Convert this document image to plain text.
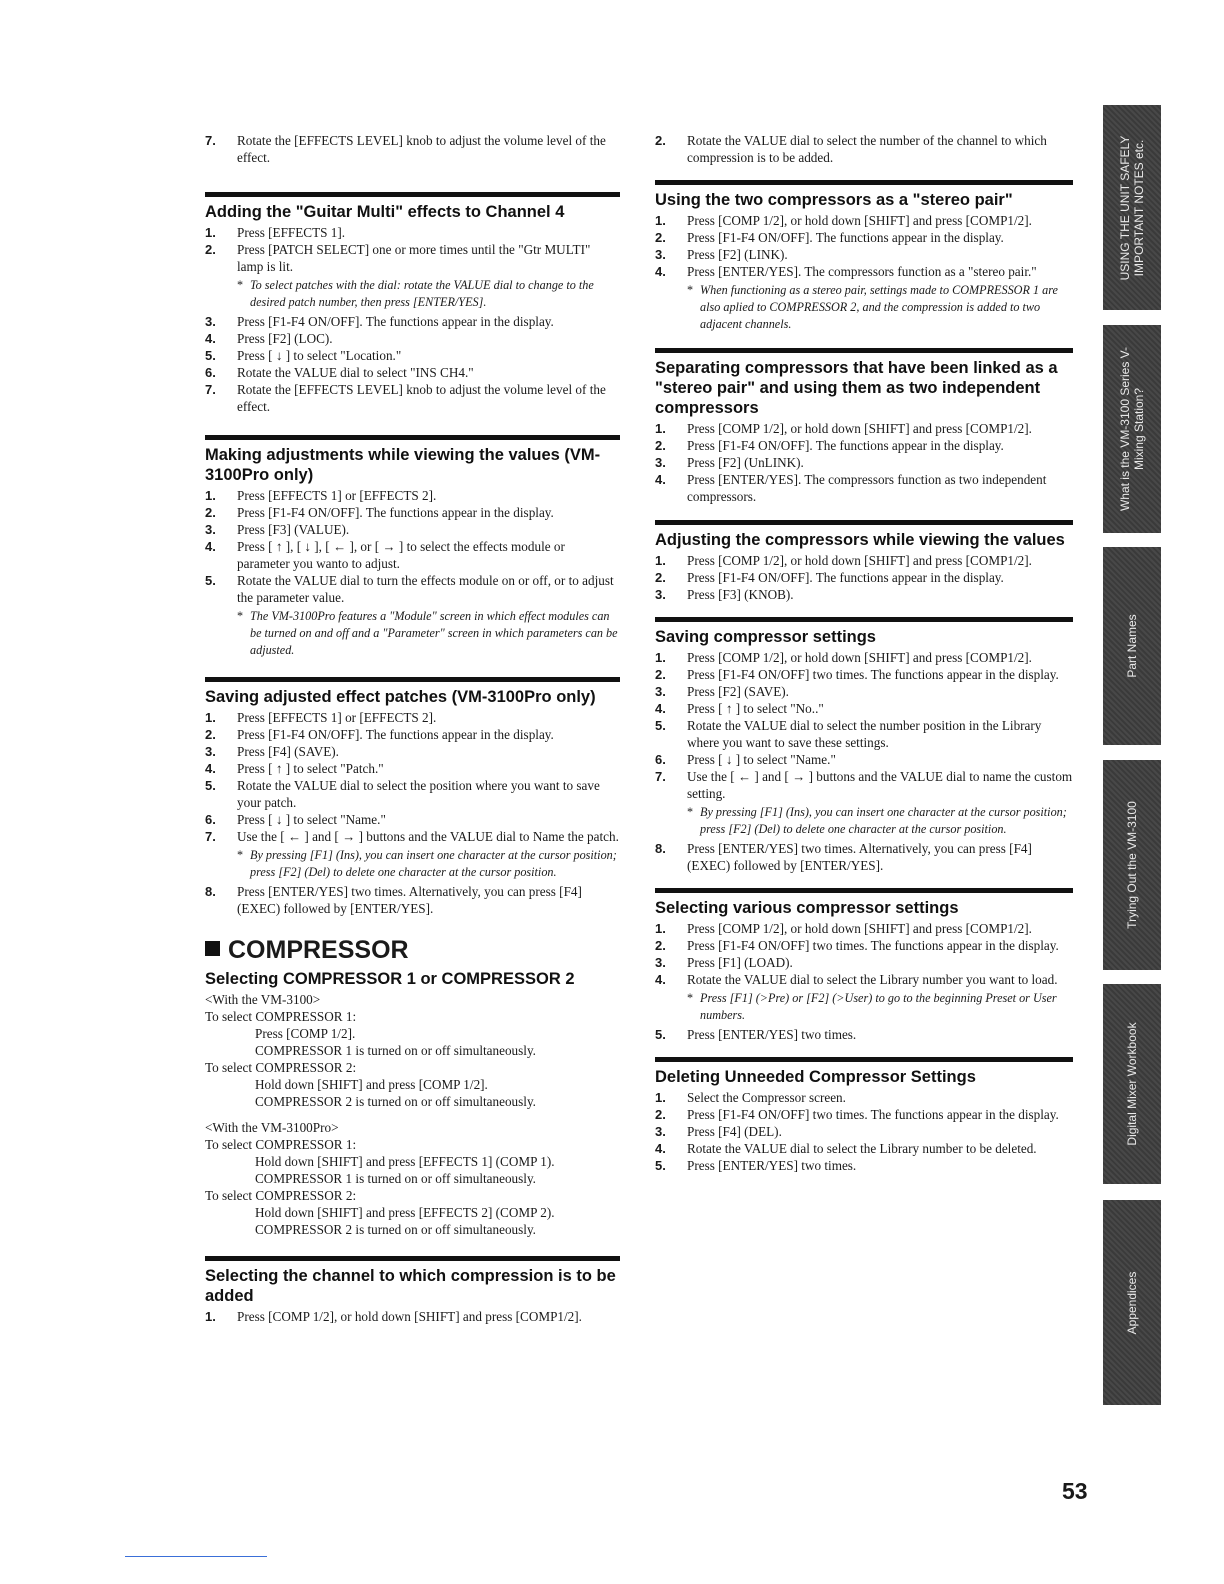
7. Rotate the [EFFECTS LEVEL] knob to adjust the volume level of the effect.
Adding the "Guitar Multi" effects to Channel 4
1. Press [EFFECTS 1].
2. Press [PATCH SELECT] one or more times until the "Gtr MULTI" lamp is lit.
* To select patches with the dial: rotate the VALUE dial to change to the desired patch number, then press [ENTER/YES].
3. Press [F1-F4 ON/OFF]. The functions appear in the display.
4. Press [F2] (LOC).
5. Press [ ↓ ] to select "Location."
6. Rotate the VALUE dial to select "INS CH4."
7. Rotate the [EFFECTS LEVEL] knob to adjust the volume level of the effect.
Making adjustments while viewing the values (VM-3100Pro only)
1. Press [EFFECTS 1] or [EFFECTS 2].
2. Press [F1-F4 ON/OFF]. The functions appear in the display.
3. Press [F3] (VALUE).
4. Press [ ↑ ], [ ↓ ], [ ← ], or [ → ] to select the effects module or parameter you wanto to adjust.
5. Rotate the VALUE dial to turn the effects module on or off, or to adjust the parameter value.
* The VM-3100Pro features a "Module" screen in which effect modules can be turned on and off and a "Parameter" screen in which parameters can be adjusted.
Saving adjusted effect patches (VM-3100Pro only)
1. Press [EFFECTS 1] or [EFFECTS 2].
2. Press [F1-F4 ON/OFF]. The functions appear in the display.
3. Press [F4] (SAVE).
4. Press [ ↑ ] to select "Patch."
5. Rotate the VALUE dial to select the position where you want to save your patch.
6. Press [ ↓ ] to select "Name."
7. Use the [ ← ] and [ → ] buttons and the VALUE dial to Name the patch.
* By pressing [F1] (Ins), you can insert one character at the cursor position; press [F2] (Del) to delete one character at the cursor position.
8. Press [ENTER/YES] two times. Alternatively, you can press [F4] (EXEC) followed by [ENTER/YES].
COMPRESSOR
Selecting COMPRESSOR 1 or COMPRESSOR 2
<With the VM-3100>
To select COMPRESSOR 1:
Press [COMP 1/2].
COMPRESSOR 1 is turned on or off simultaneously.
To select COMPRESSOR 2:
Hold down [SHIFT] and press [COMP 1/2].
COMPRESSOR 2 is turned on or off simultaneously.
<With the VM-3100Pro>
To select COMPRESSOR 1:
Hold down [SHIFT] and press [EFFECTS 1] (COMP 1).
COMPRESSOR 1 is turned on or off simultaneously.
To select COMPRESSOR 2:
Hold down [SHIFT] and press [EFFECTS 2] (COMP 2).
COMPRESSOR 2 is turned on or off simultaneously.
Selecting the channel to which compression is to be added
1. Press [COMP 1/2], or hold down [SHIFT] and press [COMP1/2].
2. Rotate the VALUE dial to select the number of the channel to which compression is to be added.
Using the two compressors as a "stereo pair"
1. Press [COMP 1/2], or hold down [SHIFT] and press [COMP1/2].
2. Press [F1-F4 ON/OFF]. The functions appear in the display.
3. Press [F2] (LINK).
4. Press [ENTER/YES]. The compressors function as a "stereo pair."
* When functioning as a stereo pair, settings made to COMPRESSOR 1 are also aplied to COMPRESSOR 2, and the compression is added to two adjacent channels.
Separating compressors that have been linked as a "stereo pair" and using them as two independent compressors
1. Press [COMP 1/2], or hold down [SHIFT] and press [COMP1/2].
2. Press [F1-F4 ON/OFF]. The functions appear in the display.
3. Press [F2] (UnLINK).
4. Press [ENTER/YES]. The compressors function as two independent compressors.
Adjusting the compressors while viewing the values
1. Press [COMP 1/2], or hold down [SHIFT] and press [COMP1/2].
2. Press [F1-F4 ON/OFF]. The functions appear in the display.
3. Press [F3] (KNOB).
Saving compressor settings
1. Press [COMP 1/2], or hold down [SHIFT] and press [COMP1/2].
2. Press [F1-F4 ON/OFF] two times. The functions appear in the display.
3. Press [F2] (SAVE).
4. Press [ ↑ ] to select "No.."
5. Rotate the VALUE dial to select the number position in the Library where you want to save these settings.
6. Press [ ↓ ] to select "Name."
7. Use the [ ← ] and [ → ] buttons and the VALUE dial to name the custom setting.
* By pressing [F1] (Ins), you can insert one character at the cursor position; press [F2] (Del) to delete one character at the cursor position.
8. Press [ENTER/YES] two times. Alternatively, you can press [F4] (EXEC) followed by [ENTER/YES].
Selecting various compressor settings
1. Press [COMP 1/2], or hold down [SHIFT] and press [COMP1/2].
2. Press [F1-F4 ON/OFF] two times. The functions appear in the display.
3. Press [F1] (LOAD).
4. Rotate the VALUE dial to select the Library number you want to load.
* Press [F1] (>Pre) or [F2] (>User) to go to the beginning Preset or User numbers.
5. Press [ENTER/YES] two times.
Deleting Unneeded Compressor Settings
1. Select the Compressor screen.
2. Press [F1-F4 ON/OFF] two times. The functions appear in the display.
3. Press [F4] (DEL).
4. Rotate the VALUE dial to select the Library number to be deleted.
5. Press [ENTER/YES] two times.
USING THE UNIT SAFELY IMPORTANT NOTES etc.
What is the VM-3100 Series V-Mixing Station?
Part Names
Trying Out the VM-3100
Digital Mixer Workbook
Appendices
53
